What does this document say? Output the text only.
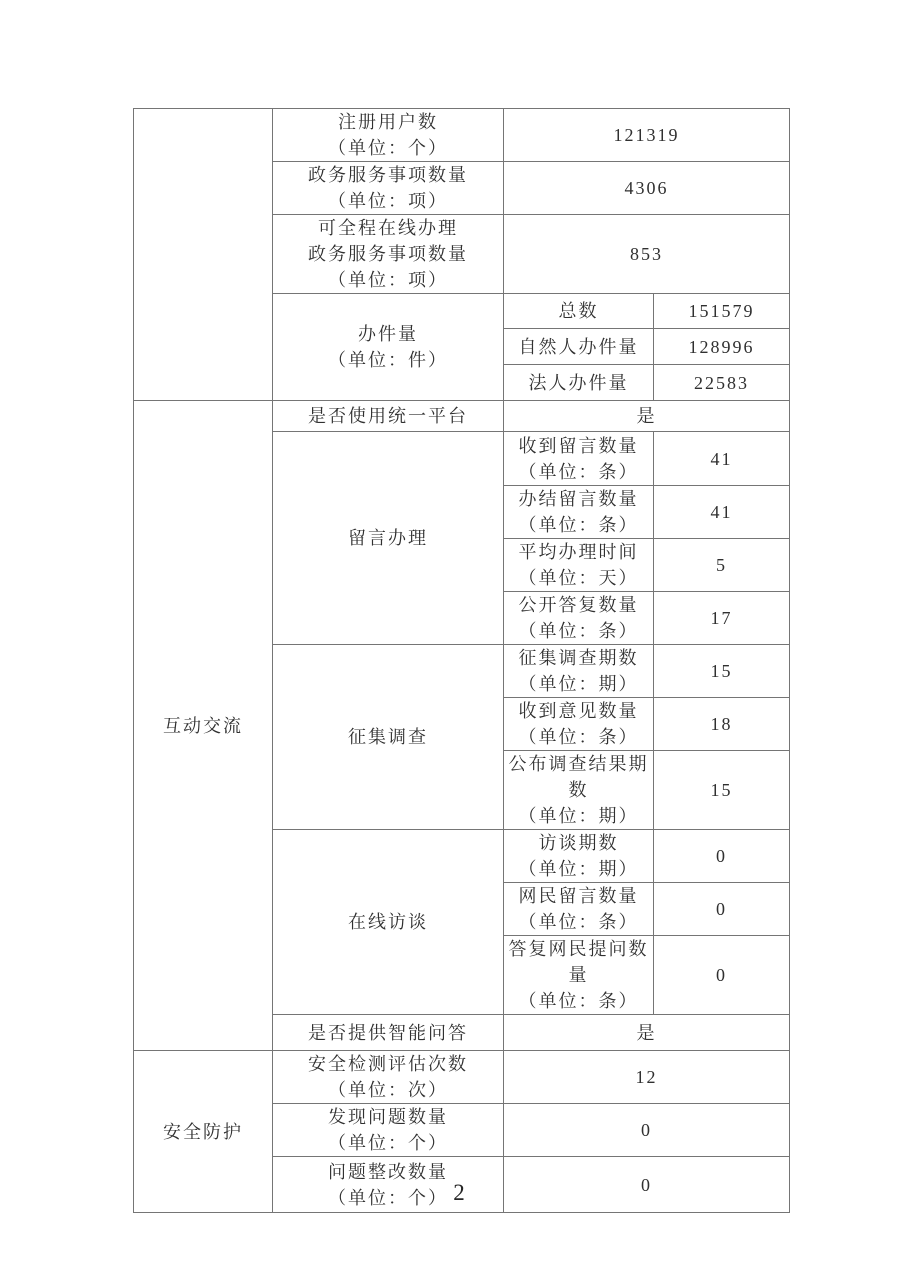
	注册用户数
（单位：个）	121319	

	政务服务事项数量
（单位：项）	4306	

	可全程在线办理
政务服务事项数量
（单位：项）	853	

	办件量
（单位：件）	总数	151579
		自然人办件量	128996
		法人办件量	22583
互动交流	是否使用统一平台	是	
	留言办理	收到留言数量
（单位：条）	41

		办结留言数量
（单位：条）	41

		平均办理时间
（单位：天）	5

		公开答复数量
（单位：条）	17
	征集调查	征集调查期数
（单位：期）	15

		收到意见数量
（单位：条）	18

		公布调查结果期数
（单位：期）	15
	在线访谈	访谈期数
（单位：期）	0

		网民留言数量
（单位：条）	0

		答复网民提问数量
（单位：条）	0
	是否提供智能问答	是	
安全防护	安全检测评估次数
（单位：次）	12	

	发现问题数量
（单位：个）	0	

	问题整改数量
（单位：个）	0	
2
